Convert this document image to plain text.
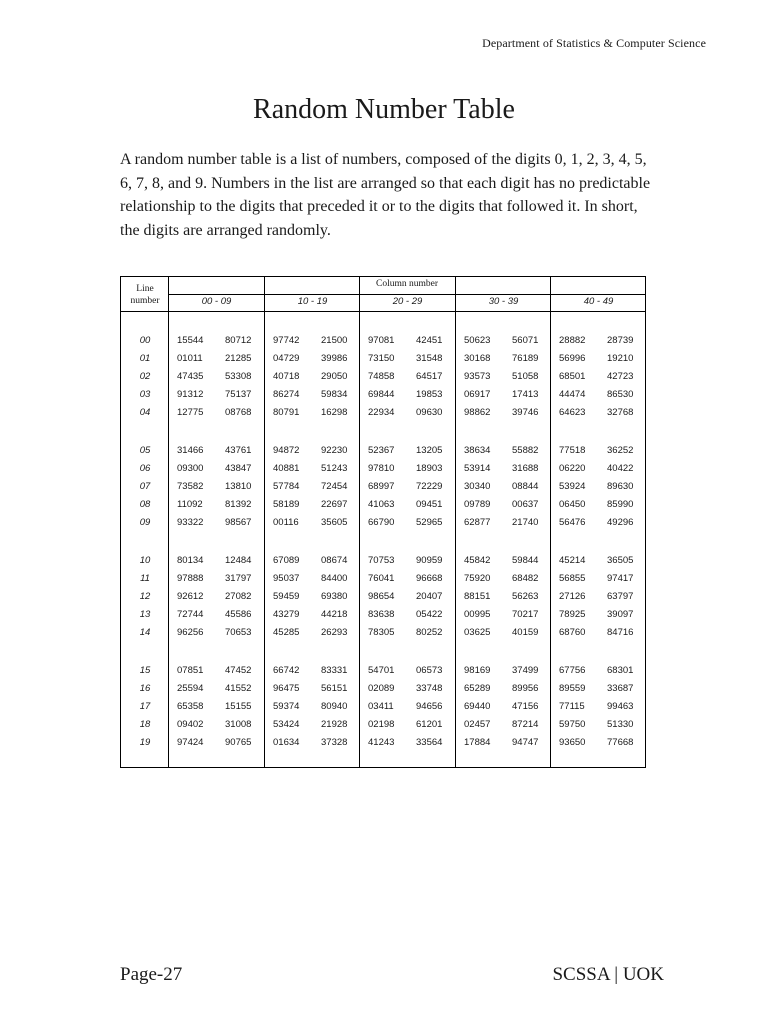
Department of Statistics & Computer Science
Random Number Table
A random number table is a list of numbers, composed of the digits 0, 1, 2, 3, 4, 5, 6, 7, 8, and 9. Numbers in the list are arranged so that each digit has no predictable relationship to the digits that preceded it or to the digits that followed it. In short, the digits are arranged randomly.
Line number
Column number
00 - 09	10 - 19	20 - 29	30 - 39	40 - 49
00	15544 80712 97742 21500 97081 42451 50623 56071 28882 28739
01	01011 21285 04729 39986 73150 31548 30168 76189 56996 19210
02	47435 53308 40718 29050 74858 64517 93573 51058 68501 42723
03	91312 75137 86274 59834 69844 19853 06917 17413 44474 86530
04	12775 08768 80791 16298 22934 09630 98862 39746 64623 32768
05	31466 43761 94872 92230 52367 13205 38634 55882 77518 36252
06	09300 43847 40881 51243 97810 18903 53914 31688 06220 40422
07	73582 13810 57784 72454 68997 72229 30340 08844 53924 89630
08	11092 81392 58189 22697 41063 09451 09789 00637 06450 85990
09	93322 98567 00116 35605 66790 52965 62877 21740 56476 49296
10	80134 12484 67089 08674 70753 90959 45842 59844 45214 36505
11	97888 31797 95037 84400 76041 96668 75920 68482 56855 97417
12	92612 27082 59459 69380 98654 20407 88151 56263 27126 63797
13	72744 45586 43279 44218 83638 05422 00995 70217 78925 39097
14	96256 70653 45285 26293 78305 80252 03625 40159 68760 84716
15	07851 47452 66742 83331 54701 06573 98169 37499 67756 68301
16	25594 41552 96475 56151 02089 33748 65289 89956 89559 33687
17	65358 15155 59374 80940 03411 94656 69440 47156 77115 99463
18	09402 31008 53424 21928 02198 61201 02457 87214 59750 51330
19	97424 90765 01634 37328 41243 33564 17884 94747 93650 77668
Page-27	SCSSA | UOK
